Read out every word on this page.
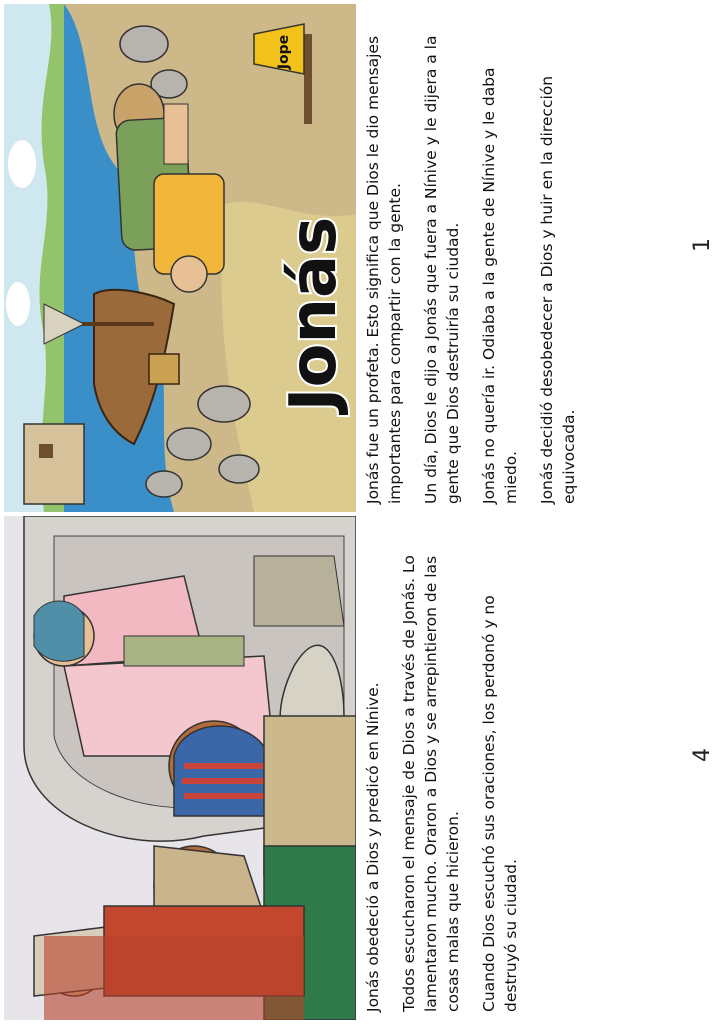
Jope
Jonás Jonás fue un profeta. Esto significa que Dios le dio mensajes importantes para compartir con la gente. Un día, Dios le dijo a Jonás que fuera a Nínive y le dijera a la gente que Dios destruiría su ciudad. Jonás no quería ir. Odiaba a la gente de Nínive y le daba miedo. Jonás decidió desobedecer a Dios y huir en la dirección equivocada.

1

Jonás obedeció a Dios y predicó en Nínive. Todos escucharon el mensaje de Dios a través de Jonás. Lo lamentaron mucho. Oraron a Dios y se arrepintieron de las cosas malas que hicieron. Cuando Dios escuchó sus oraciones, los perdonó y no destruyó su ciudad.

4
